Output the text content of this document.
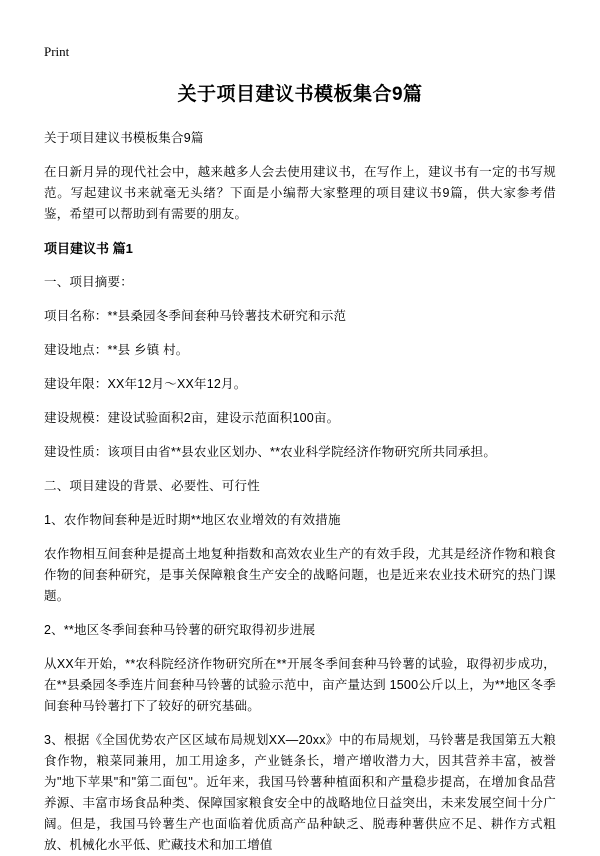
Print
关于项目建议书模板集合9篇

关于项目建议书模板集合9篇

在日新月异的现代社会中，越来越多人会去使用建议书，在写作上，建议书有一定的书写规范。写起建议书来就毫无头绪？下面是小编帮大家整理的项目建议书9篇，供大家参考借鉴，希望可以帮助到有需要的朋友。

项目建议书 篇1

一、项目摘要：

项目名称：**县桑园冬季间套种马铃薯技术研究和示范

建设地点：**县 乡镇 村。

建设年限：XX年12月～XX年12月。

建设规模：建设试验面积2亩，建设示范面积100亩。

建设性质：该项目由省**县农业区划办、**农业科学院经济作物研究所共同承担。

二、项目建设的背景、必要性、可行性

1、农作物间套种是近时期**地区农业增效的有效措施

农作物相互间套种是提高土地复种指数和高效农业生产的有效手段，尤其是经济作物和粮食作物的间套种研究，是事关保障粮食生产安全的战略问题，也是近来农业技术研究的热门课题。

2、**地区冬季间套种马铃薯的研究取得初步进展

从XX年开始，**农科院经济作物研究所在**开展冬季间套种马铃薯的试验，取得初步成功，在**县桑园冬季连片间套种马铃薯的试验示范中，亩产量达到 1500公斤以上，为**地区冬季间套种马铃薯打下了较好的研究基础。

3、根据《全国优势农产区区域布局规划XX—20xx》中的布局规划，马铃薯是我国第五大粮食作物，粮菜同兼用，加工用途多，产业链条长，增产增收潜力大，因其营养丰富，被誉为"地下苹果"和"第二面包"。近年来，我国马铃薯种植面积和产量稳步提高，在增加食品营养源、丰富市场食品种类、保障国家粮食安全中的战略地位日益突出，未来发展空间十分广阔。但是，我国马铃薯生产也面临着优质高产品种缺乏、脱毒种薯供应不足、耕作方式粗放、机械化水平低、贮藏技术和加工增值
